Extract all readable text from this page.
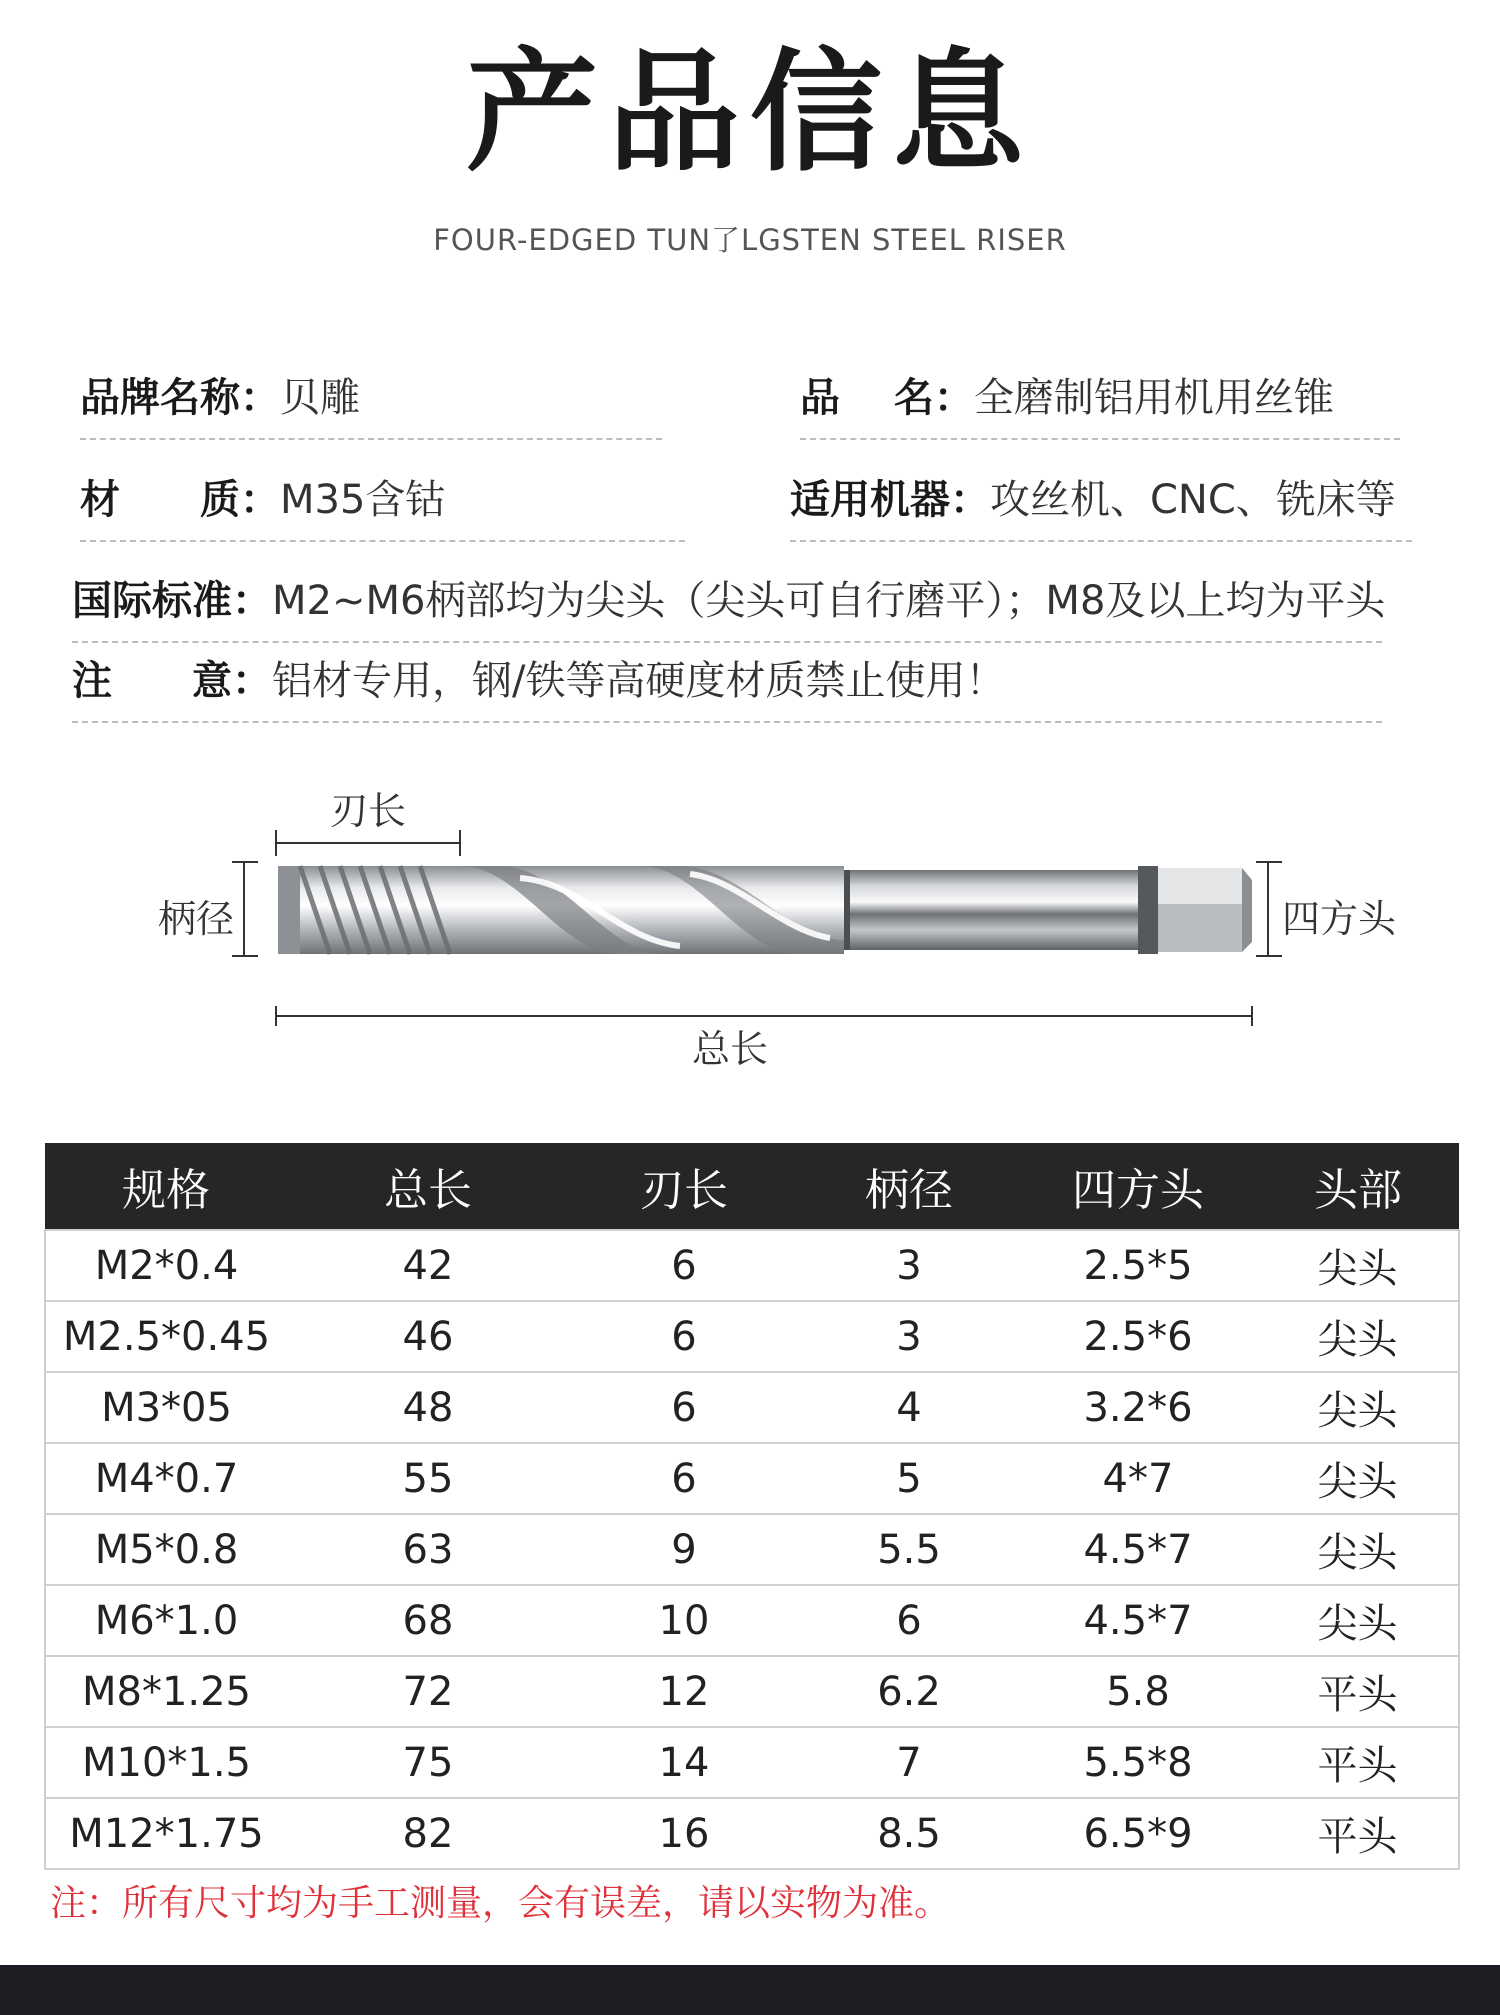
产品信息
FOUR-EDGED TUN了LGSTEN STEEL RISER
品牌名称：贝雕	品　 名：全磨制铝用机用丝锥
材　　质：M35含钴	适用机器：攻丝机、CNC、铣床等
国际标准：M2~M6柄部均为尖头（尖头可自行磨平）；M8及以上均为平头
注　　意：铝材专用，钢/铁等高硬度材质禁止使用！
刃长
柄径	四方头
总长
规格	总长	刃长	柄径	四方头	头部
M2*0.4	42	6	3	2.5*5	尖头
M2.5*0.45	46	6	3	2.5*6	尖头
M3*05	48	6	4	3.2*6	尖头
M4*0.7	55	6	5	4*7	尖头
M5*0.8	63	9	5.5	4.5*7	尖头
M6*1.0	68	10	6	4.5*7	尖头
M8*1.25	72	12	6.2	5.8	平头
M10*1.5	75	14	7	5.5*8	平头
M12*1.75	82	16	8.5	6.5*9	平头
注：所有尺寸均为手工测量，会有误差，请以实物为准。
